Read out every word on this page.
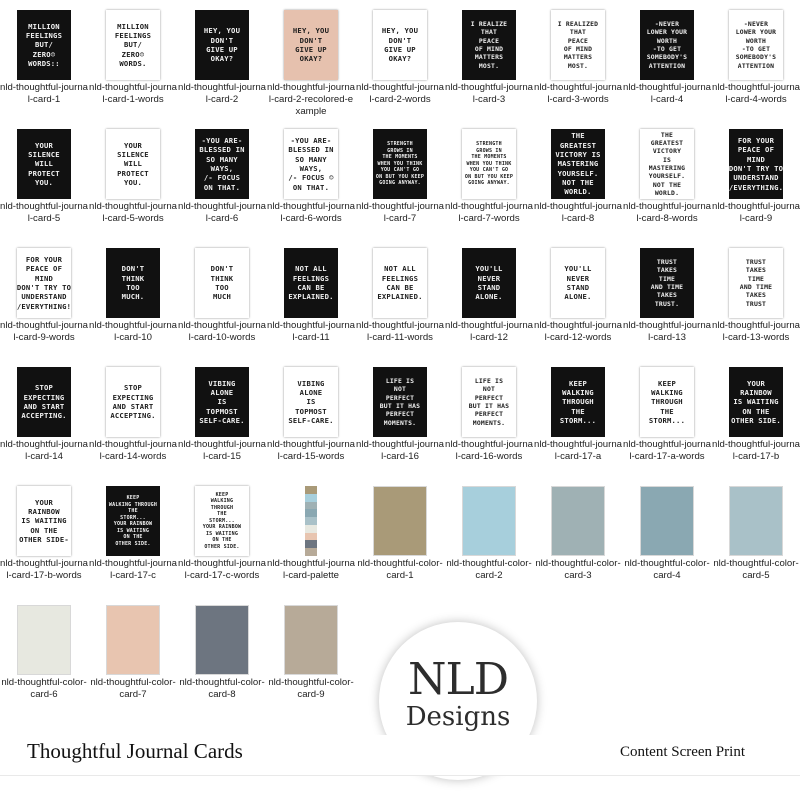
MILLION
FEELINGS
BUT/
ZERO☺
WORDS::
nld-thoughtful-journal-card-1
MILLION
FEELINGS
BUT/
ZERO☺
WORDS.
nld-thoughtful-journal-card-1-words
HEY, YOU
DON'T
GIVE UP
OKAY?
nld-thoughtful-journal-card-2
HEY, YOU
DON'T
GIVE UP
OKAY?
nld-thoughtful-journal-card-2-recolored-example
HEY, YOU
DON'T
GIVE UP
OKAY?
nld-thoughtful-journal-card-2-words
I REALIZE
THAT
PEACE
OF MIND
MATTERS
MOST.
nld-thoughtful-journal-card-3
I REALIZED
THAT
PEACE
OF MIND
MATTERS
MOST.
nld-thoughtful-journal-card-3-words
-NEVER
LOWER YOUR
WORTH
-TO GET
SOMEBODY'S
ATTENTION
nld-thoughtful-journal-card-4
-NEVER
LOWER YOUR
WORTH
-TO GET
SOMEBODY'S
ATTENTION
nld-thoughtful-journal-card-4-words
YOUR SILENCE
WILL
PROTECT YOU.
nld-thoughtful-journal-card-5
YOUR SILENCE
WILL
PROTECT YOU.
nld-thoughtful-journal-card-5-words
-YOU ARE-
BLESSED IN
SO MANY WAYS,
/- FOCUS
ON THAT.
nld-thoughtful-journal-card-6
-YOU ARE-
BLESSED IN
SO MANY WAYS,
/- FOCUS ☺
ON THAT.
nld-thoughtful-journal-card-6-words
STRENGTH
GROWS IN
THE MOMENTS
WHEN YOU THINK
YOU CAN'T GO
ON BUT YOU KEEP
GOING ANYWAY.
nld-thoughtful-journal-card-7
STRENGTH
GROWS IN
THE MOMENTS
WHEN YOU THINK
YOU CAN'T GO
ON BUT YOU KEEP
GOING ANYWAY.
nld-thoughtful-journal-card-7-words
THE
GREATEST
VICTORY IS
MASTERING YOURSELF.
NOT THE WORLD.
nld-thoughtful-journal-card-8
THE
GREATEST
VICTORY
IS
MASTERING YOURSELF.
NOT THE WORLD.
nld-thoughtful-journal-card-8-words
FOR YOUR
PEACE OF MIND
DON'T TRY TO
UNDERSTAND
/EVERYTHING.
nld-thoughtful-journal-card-9
FOR YOUR
PEACE OF MIND
DON'T TRY TO
UNDERSTAND
/EVERYTHING!
nld-thoughtful-journal-card-9-words
DON'T
THINK
TOO
MUCH.
nld-thoughtful-journal-card-10
DON'T
THINK
TOO
MUCH
nld-thoughtful-journal-card-10-words
NOT ALL
FEELINGS
CAN BE
EXPLAINED.
nld-thoughtful-journal-card-11
NOT ALL
FEELINGS
CAN BE
EXPLAINED.
nld-thoughtful-journal-card-11-words
YOU'LL
NEVER
STAND
ALONE.
nld-thoughtful-journal-card-12
YOU'LL
NEVER
STAND
ALONE.
nld-thoughtful-journal-card-12-words
TRUST
TAKES
TIME
AND TIME
TAKES
TRUST.
nld-thoughtful-journal-card-13
TRUST
TAKES
TIME
AND TIME
TAKES
TRUST
nld-thoughtful-journal-card-13-words
STOP
EXPECTING
AND START
ACCEPTING.
nld-thoughtful-journal-card-14
STOP
EXPECTING
AND START
ACCEPTING.
nld-thoughtful-journal-card-14-words
VIBING
ALONE
IS
TOPMOST
SELF-CARE.
nld-thoughtful-journal-card-15
VIBING
ALONE
IS
TOPMOST
SELF-CARE.
nld-thoughtful-journal-card-15-words
LIFE IS
NOT
PERFECT
BUT IT HAS
PERFECT
MOMENTS.
nld-thoughtful-journal-card-16
LIFE IS
NOT
PERFECT
BUT IT HAS
PERFECT
MOMENTS.
nld-thoughtful-journal-card-16-words
KEEP
WALKING
THROUGH
THE
STORM...
nld-thoughtful-journal-card-17-a
KEEP
WALKING
THROUGH
THE
STORM...
nld-thoughtful-journal-card-17-a-words
YOUR RAINBOW
IS WAITING
ON THE
OTHER SIDE.
nld-thoughtful-journal-card-17-b
YOUR RAINBOW
IS WAITING
ON THE
OTHER SIDE-
nld-thoughtful-journal-card-17-b-words
KEEP
WALKING THROUGH
THE
STORM...
YOUR RAINBOW
IS WAITING
ON THE
OTHER SIDE.
nld-thoughtful-journal-card-17-c
KEEP
WALKING
THROUGH
THE
STORM...
YOUR RAINBOW
IS WAITING
ON THE
OTHER SIDE.
nld-thoughtful-journal-card-17-c-words
nld-thoughtful-journal-card-palette
nld-thoughtful-color-card-1
nld-thoughtful-color-card-2
nld-thoughtful-color-card-3
nld-thoughtful-color-card-4
nld-thoughtful-color-card-5
nld-thoughtful-color-card-6
nld-thoughtful-color-card-7
nld-thoughtful-color-card-8
nld-thoughtful-color-card-9	NLD
Designs
Thoughtful Journal Cards	Content Screen Print
